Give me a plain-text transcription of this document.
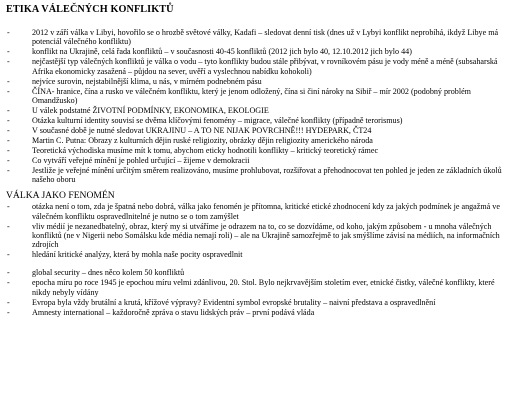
ETIKA VÁLEČNÝCH KONFLIKTŮ
-	2012 v září válka v Libyi, hovořilo se o hrozbě světové války, Kadafi – sledovat denní tisk (dnes už v Lybyi konflikt neprobíhá, ikdyž Libye má potenciál válečného konfliktu)
-	konflikt na Ukrajině, celá řada konfliktů – v současnosti 40-45 konfliktů (2012 jich bylo 40, 12.10.2012 jich bylo 44)
-	nejčastější typ válečných konfliktů je válka o vodu – tyto konflikty budou stále přibývat, v rovníkovém pásu je vody méně a méně (subsaharská Afrika ekonomicky zasažená – půjdou na sever, uvěří a vyslechnou nabídku kohokoli)
-	nejvíce surovin, nejstabilnější klima, u nás, v mírném podnebném pásu
-	ČÍNA- hranice, čína a rusko ve válečném konfliktu, který je jenom odložený, čína si činí nároky na Sibiř – mír 2002 (podobný problém Omandžusko)
-	U válek podstatné ŽIVOTNÍ PODMÍNKY, EKONOMIKA, EKOLOGIE
-	Otázka kulturní identity souvisí se dvěma klíčovými fenomény – migrace, válečné konflikty (případně terorismus)
-	V současné době je nutné sledovat UKRAJINU – A TO NE NIJAK POVRCHNĚ!!! HYDEPARK, ČT24
-	Martin C. Putna: Obrazy z kulturních dějin ruské religiozity, obrázky dějin religiozity amerického národa
-	Teoretická východiska musíme mít k tomu, abychom eticky hodnotili konflikty – kritický teoretický rámec
-	Co vytváří veřejné mínění je pohled určující – žijeme v demokracii
-	Jestliže je veřejné mínění určitým směrem realizováno, musíme prohlubovat, rozšiřovat a přehodnocovat ten pohled je jeden ze základních úkolů našeho oboru
VÁLKA JAKO FENOMÉN
-	otázka není o tom, zda je špatná nebo dobrá, válka jako fenomén je přítomna, kritické etické zhodnocení kdy za jakých podmínek je angažmá ve válečném konfliktu ospravedlnitelné je nutno se o tom zamýšlet
-	vliv médií je nezanedbatelný, obraz, který my si utváříme je odrazem na to, co se dozvídáme, od koho, jakým způsobem - u mnoha válečných konfliktů (ne v Nigerii nebo Somálsku kde média nemají roli) – ale na Ukrajině samozřejmě to jak smýšlíme závisí na médiích, na informačních zdrojích
-	hledání kritické analýzy, která by mohla naše pocity ospravedlnit
-	global security – dnes něco kolem 50 konfliktů
-	epocha míru po roce 1945 je epochou míru velmi zdánlivou, 20. Stol. Bylo nejkrvavějším stoletím ever, etnické čistky, válečné konflikty, které nikdy nebyly vídány
-	Evropa byla vždy brutální a krutá, křížové výpravy? Evidentní symbol evropské brutality – naivní představa a ospravedlnění
-	Amnesty international – každoročně zpráva o stavu lidských práv – první podává vláda
